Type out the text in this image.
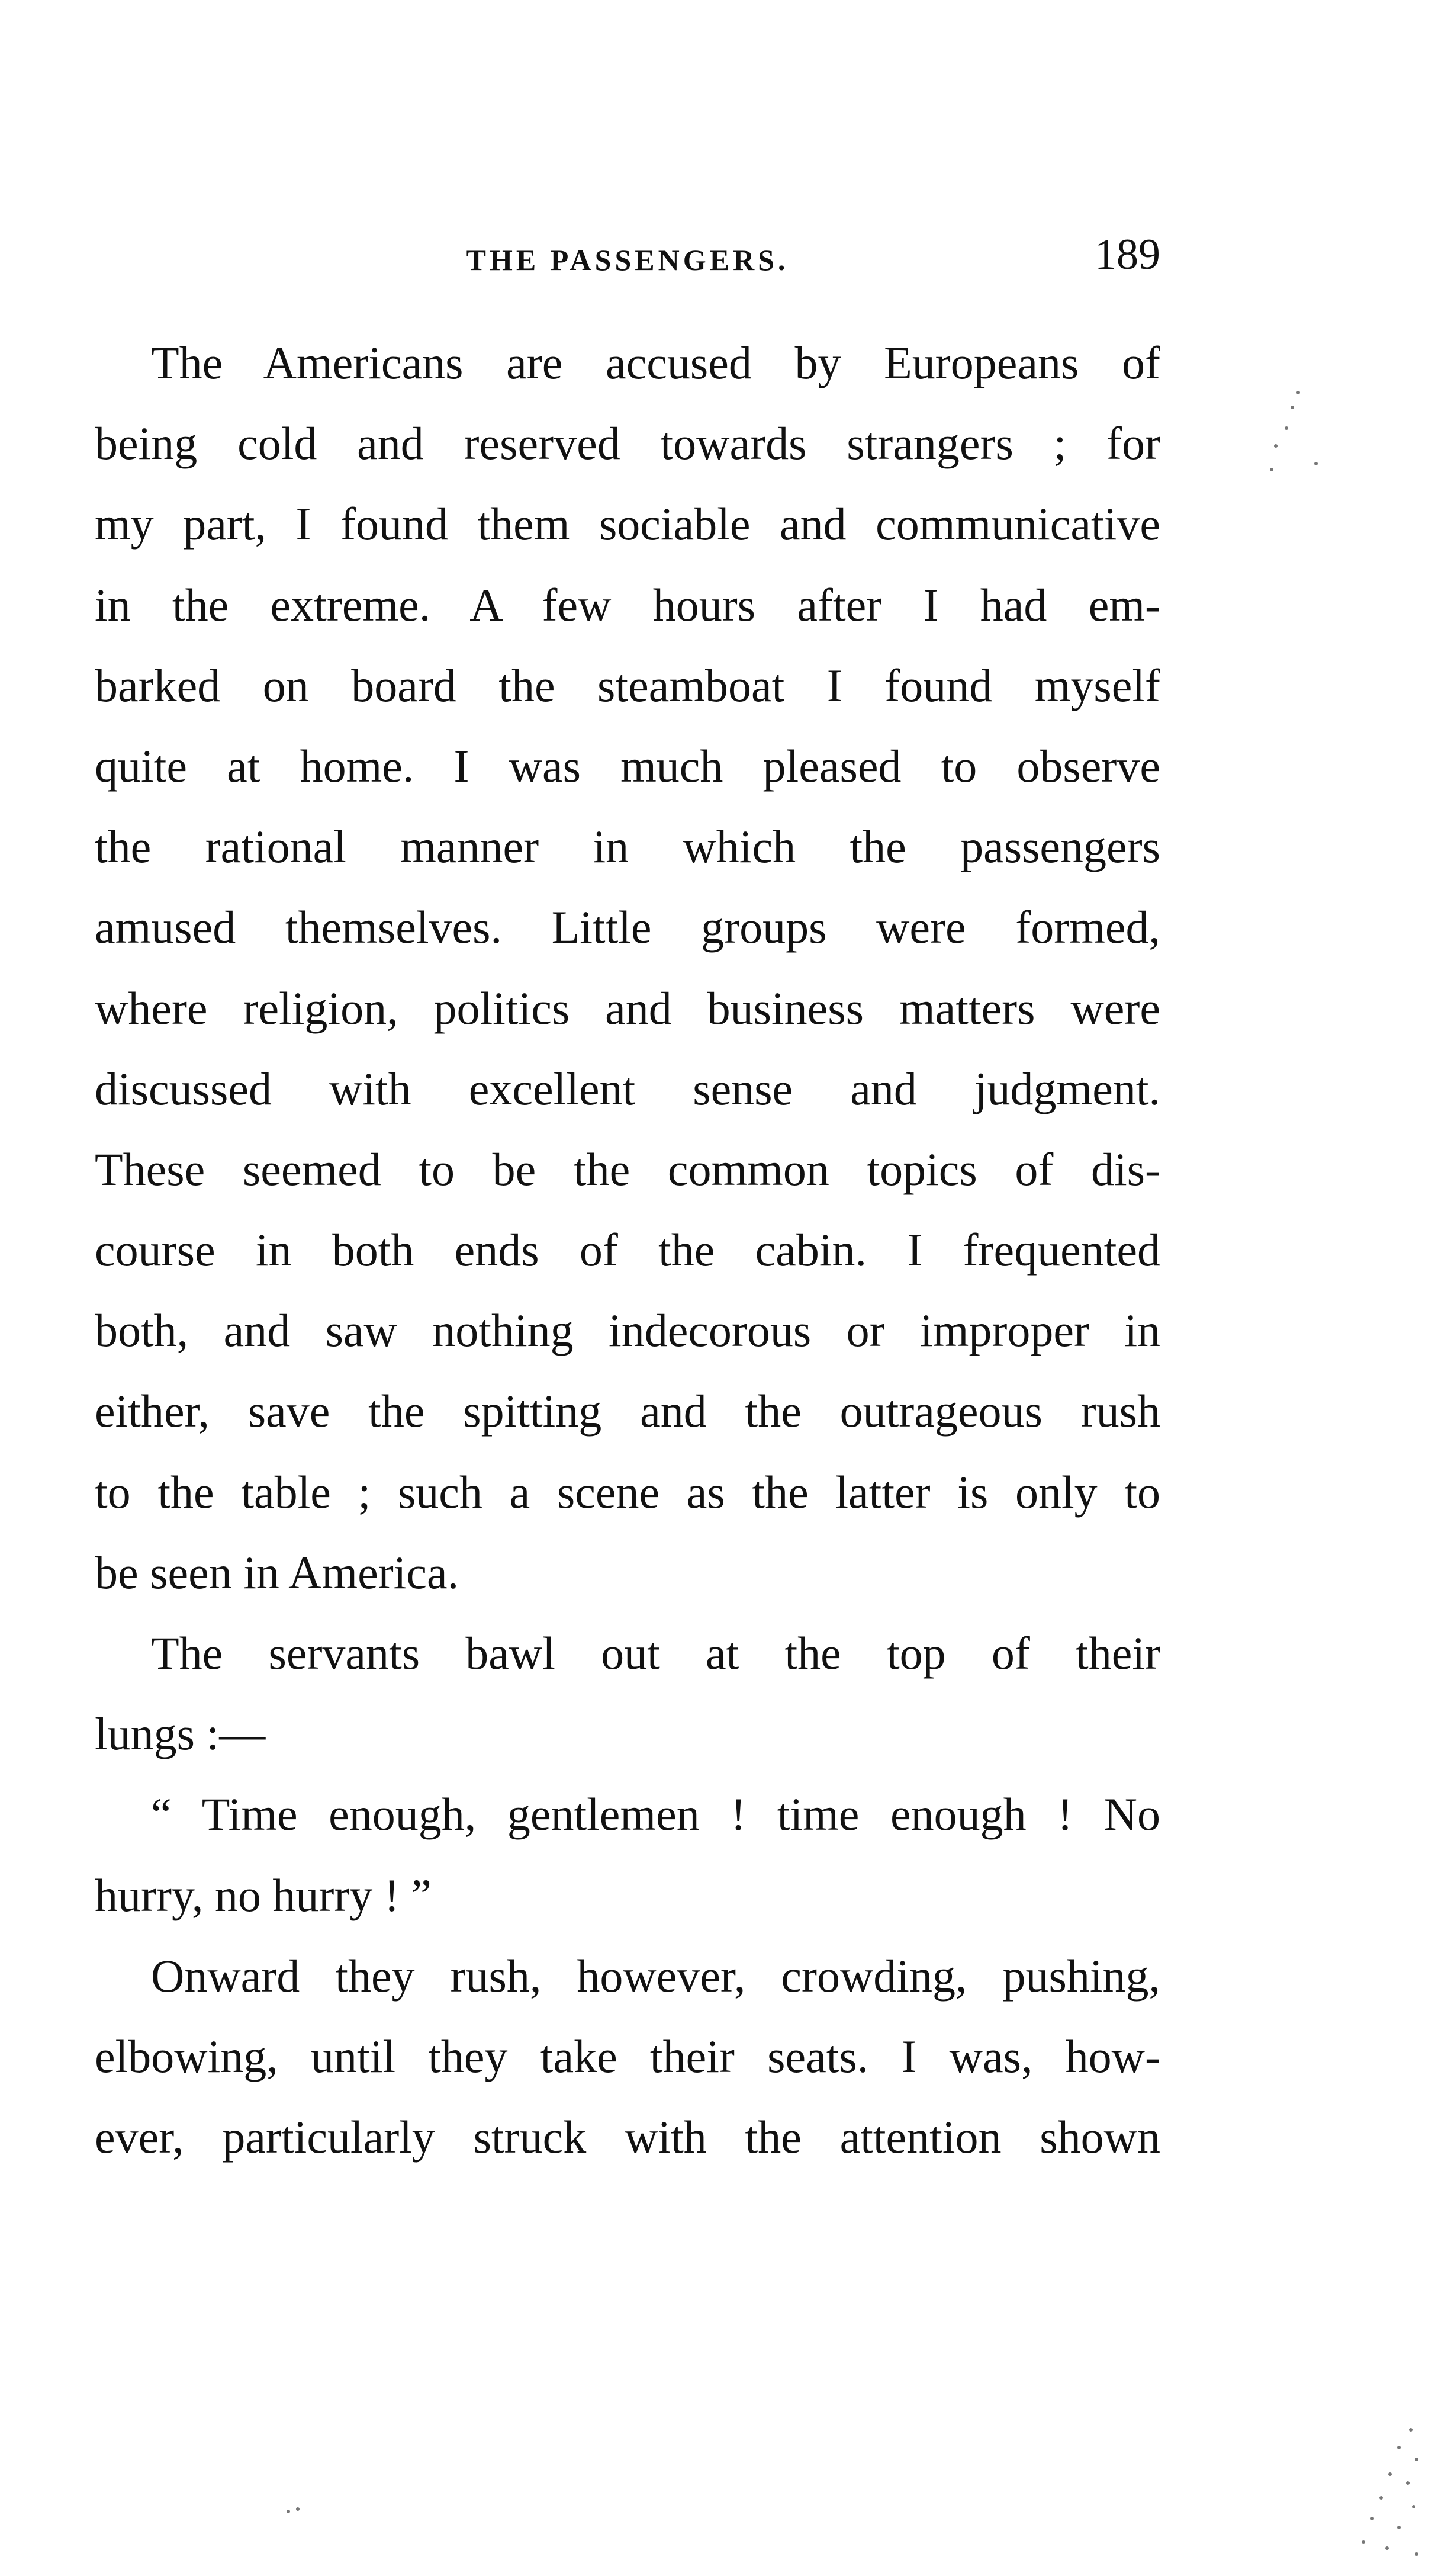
THE PASSENGERS.	189
The Americans are accused by Europeans of
being cold and reserved towards strangers ; for
my part, I found them sociable and communicative
in the extreme. A few hours after I had em-
barked on board the steamboat I found myself
quite at home. I was much pleased to observe
the rational manner in which the passengers
amused themselves. Little groups were formed,
where religion, politics and business matters were
discussed with excellent sense and judgment.
These seemed to be the common topics of dis-
course in both ends of the cabin. I frequented
both, and saw nothing indecorous or improper in
either, save the spitting and the outrageous rush
to the table ; such a scene as the latter is only to
be seen in America.
The servants bawl out at the top of their
lungs :—
“ Time enough, gentlemen ! time enough ! No
hurry, no hurry ! ”
Onward they rush, however, crowding, pushing,
elbowing, until they take their seats. I was, how-
ever, particularly struck with the attention shown
